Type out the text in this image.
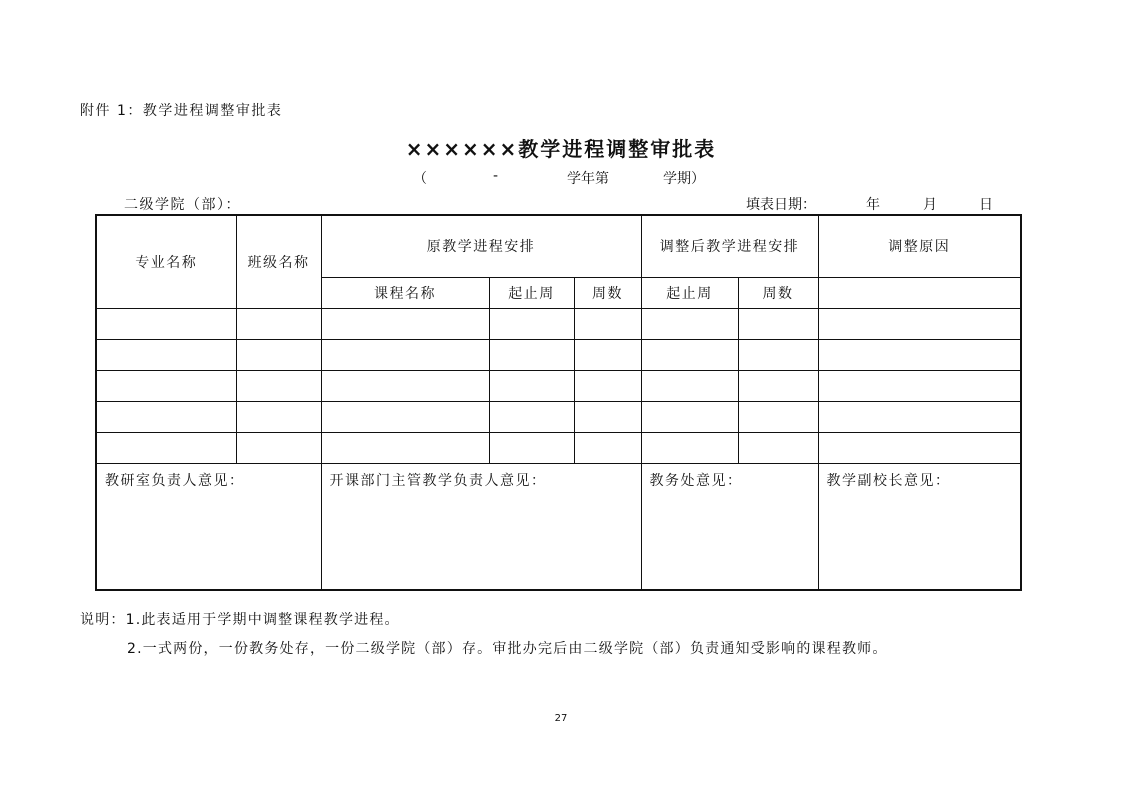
附件 1：教学进程调整审批表
××××××教学进程调整审批表
（	-	学年第	学期）
二级学院（部）：	填表日期：	年	月	日
专业名称	班级名称	原教学进程安排			调整后教学进程安排		调整原因
		课程名称	起止周	周数	起止周	周数	

教研室负责人意见：		开课部门主管教学负责人意见：			教务处意见：		教学副校长意见：
说明：1.此表适用于学期中调整课程教学进程。
2.一式两份，一份教务处存，一份二级学院（部）存。审批办完后由二级学院（部）负责通知受影响的课程教师。
27
